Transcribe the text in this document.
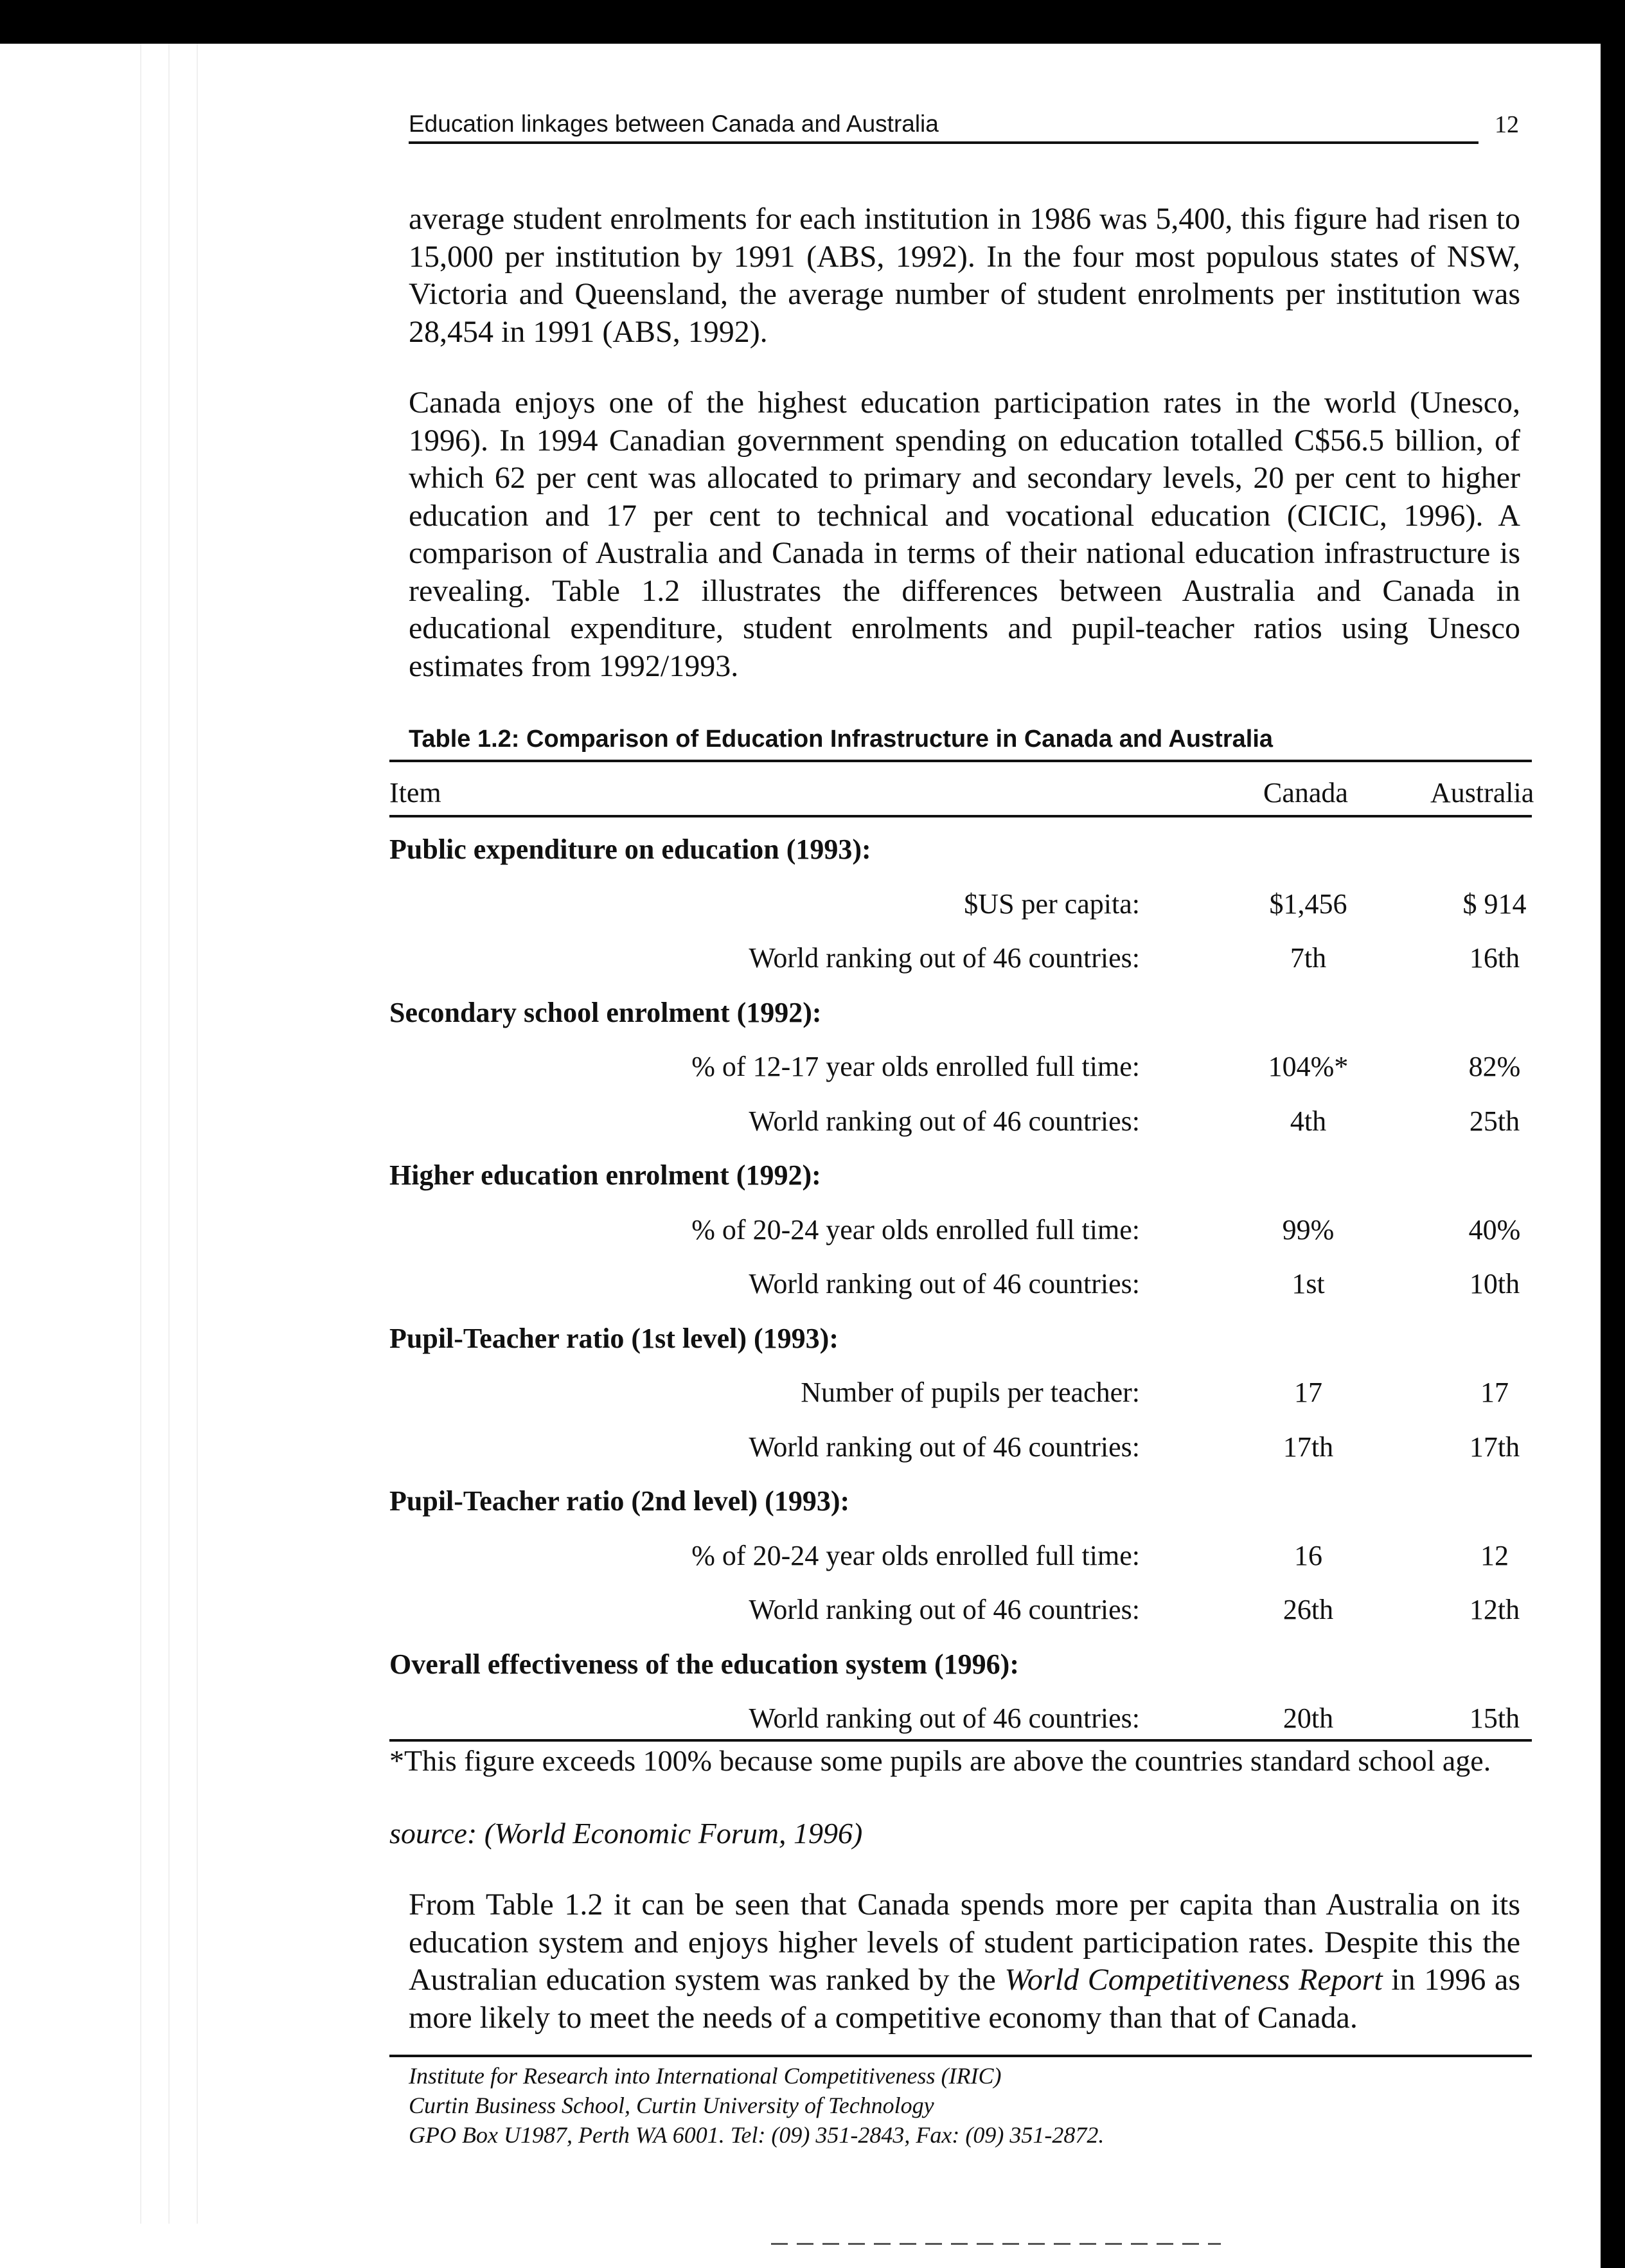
Education linkages between Canada and Australia	12

average student enrolments for each institution in 1986 was 5,400, this figure had risen to 15,000 per institution by 1991 (ABS, 1992). In the four most populous states of NSW, Victoria and Queensland, the average number of student enrolments per institution was 28,454 in 1991 (ABS, 1992).

Canada enjoys one of the highest education participation rates in the world (Unesco, 1996). In 1994 Canadian government spending on education totalled C$56.5 billion, of which 62 per cent was allocated to primary and secondary levels, 20 per cent to higher education and 17 per cent to technical and vocational education (CICIC, 1996). A comparison of Australia and Canada in terms of their national education infrastructure is revealing. Table 1.2 illustrates the differences between Australia and Canada in educational expenditure, student enrolments and pupil-teacher ratios using Unesco estimates from 1992/1993.

Table 1.2: Comparison of Education Infrastructure in Canada and Australia
Item	Canada	Australia
Public expenditure on education (1993):
$US per capita:	$1,456	$ 914
World ranking out of 46 countries:	7th	16th
Secondary school enrolment (1992):
% of 12-17 year olds enrolled full time:	104%*	82%
World ranking out of 46 countries:	4th	25th
Higher education enrolment (1992):
% of 20-24 year olds enrolled full time:	99%	40%
World ranking out of 46 countries:	1st	10th
Pupil-Teacher ratio (1st level) (1993):
Number of pupils per teacher:	17	17
World ranking out of 46 countries:	17th	17th
Pupil-Teacher ratio (2nd level) (1993):
% of 20-24 year olds enrolled full time:	16	12
World ranking out of 46 countries:	26th	12th
Overall effectiveness of the education system (1996):
World ranking out of 46 countries:	20th	15th

*This figure exceeds 100% because some pupils are above the countries standard school age.

source: (World Economic Forum, 1996)

From Table 1.2 it can be seen that Canada spends more per capita than Australia on its education system and enjoys higher levels of student participation rates. Despite this the Australian education system was ranked by the World Competitiveness Report in 1996 as more likely to meet the needs of a competitive economy than that of Canada.

Institute for Research into International Competitiveness (IRIC)
Curtin Business School, Curtin University of Technology
GPO Box U1987, Perth WA 6001. Tel: (09) 351-2843, Fax: (09) 351-2872.
